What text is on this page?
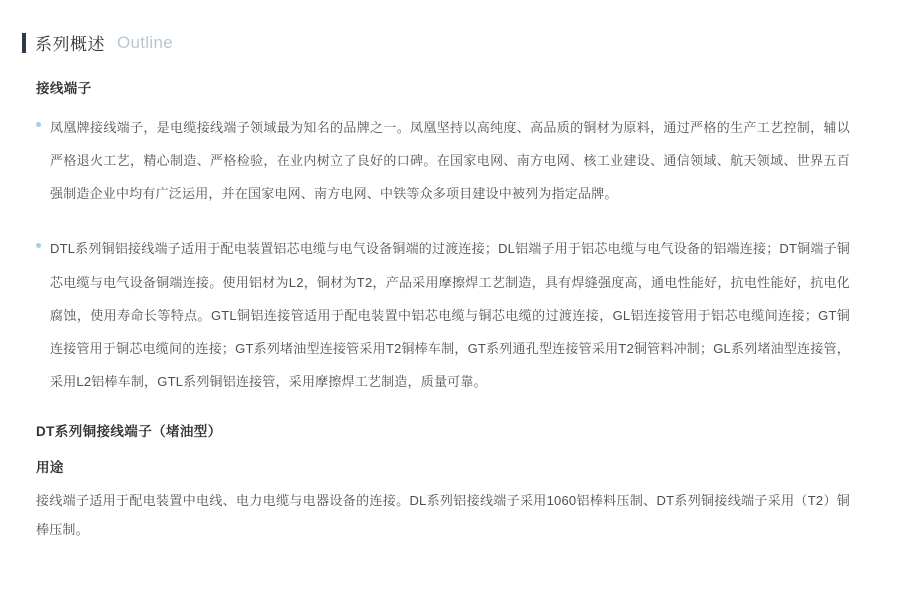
系列概述 Outline
接线端子
凤凰牌接线端子，是电缆接线端子领域最为知名的品牌之一。凤凰坚持以高纯度、高品质的铜材为原料，通过严格的生产工艺控制，辅以严格退火工艺，精心制造、严格检验，在业内树立了良好的口碑。在国家电网、南方电网、核工业建设、通信领域、航天领域、世界五百强制造企业中均有广泛运用，并在国家电网、南方电网、中铁等众多项目建设中被列为指定品牌。
DTL系列铜铝接线端子适用于配电装置铝芯电缆与电气设备铜端的过渡连接；DL铝端子用于铝芯电缆与电气设备的铝端连接；DT铜端子铜芯电缆与电气设备铜端连接。使用铝材为L2，铜材为T2，产品采用摩擦焊工艺制造，具有焊缝强度高，通电性能好，抗电性能好，抗电化腐蚀，使用寿命长等特点。GTL铜铝连接管适用于配电装置中铝芯电缆与铜芯电缆的过渡连接，GL铝连接管用于铝芯电缆间连接；GT铜连接管用于铜芯电缆间的连接；GT系列堵油型连接管采用T2铜棒车制，GT系列通孔型连接管采用T2铜管料冲制；GL系列堵油型连接管，采用L2铝棒车制，GTL系列铜铝连接管，采用摩擦焊工艺制造，质量可靠。
DT系列铜接线端子（堵油型）
用途
接线端子适用于配电装置中电线、电力电缆与电器设备的连接。DL系列铝接线端子采用1060铝棒料压制、DT系列铜接线端子采用（T2）铜棒压制。
